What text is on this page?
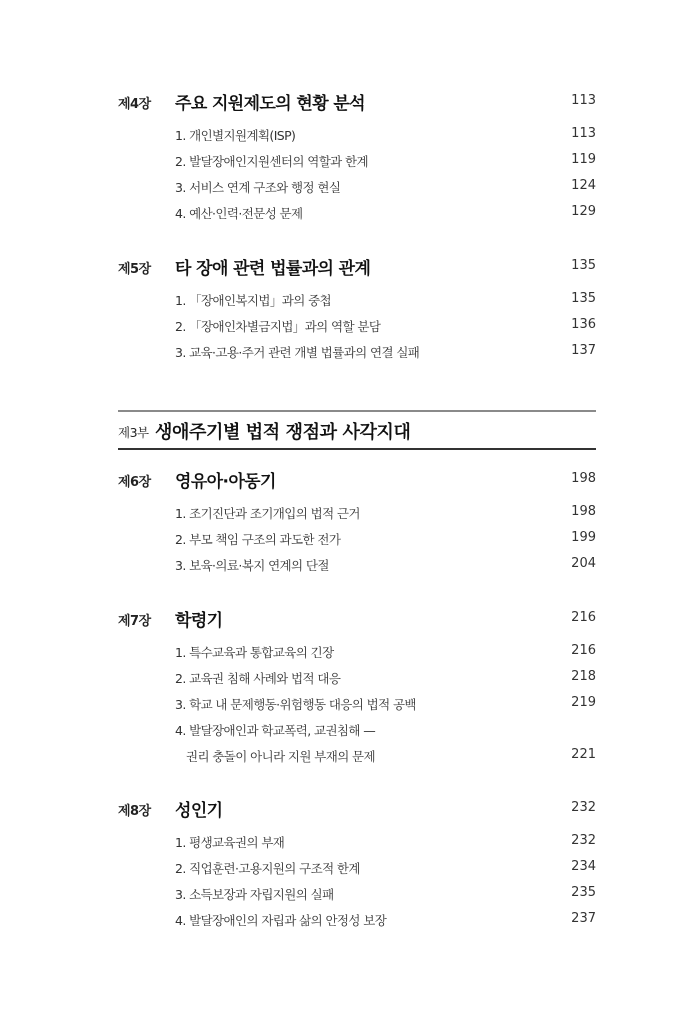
제4장 주요 지원제도의 현황 분석	113
1. 개인별지원계획(ISP)	113
2. 발달장애인지원센터의 역할과 한계	119
3. 서비스 연계 구조와 행정 현실	124
4. 예산·인력·전문성 문제	129
제5장 타 장애 관련 법률과의 관계	135
1. 「장애인복지법」과의 중첩	135
2. 「장애인차별금지법」과의 역할 분담	136
3. 교육·고용·주거 관련 개별 법률과의 연결 실패	137
제3부 생애주기별 법적 쟁점과 사각지대
제6장 영유아·아동기	198
1. 조기진단과 조기개입의 법적 근거	198
2. 부모 책임 구조의 과도한 전가	199
3. 보육·의료·복지 연계의 단절	204
제7장 학령기	216
1. 특수교육과 통합교육의 긴장	216
2. 교육권 침해 사례와 법적 대응	218
3. 학교 내 문제행동·위험행동 대응의 법적 공백	219
4. 발달장애인과 학교폭력, 교권침해 —
권리 충돌이 아니라 지원 부재의 문제	221
제8장 성인기	232
1. 평생교육권의 부재	232
2. 직업훈련·고용지원의 구조적 한계	234
3. 소득보장과 자립지원의 실패	235
4. 발달장애인의 자립과 삶의 안정성 보장	237
